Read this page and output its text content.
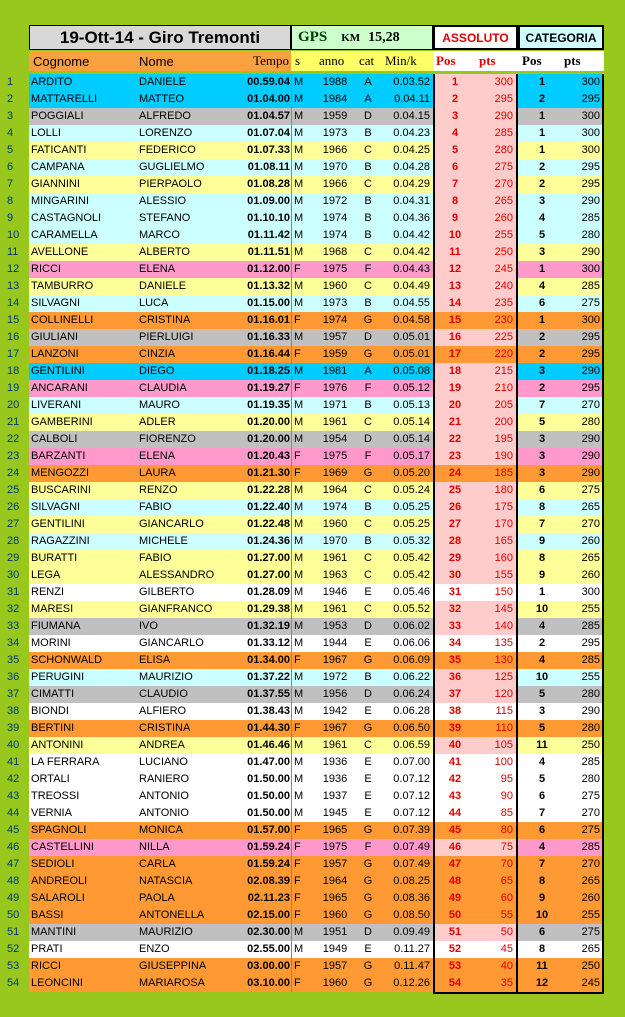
19-Ott-14 - Giro Tremonti	GPS KM 15,28	ASSOLUTO	CATEGORIA
Cognome	Nome	Tempo s anno cat Min/k Pos pts Pos pts
1	ARDITO	DANIELE	00.59.04 M	1988	A	0.03.52	1	300	1	300
2	MATTARELLI	MATTEO	01.04.00 M	1984	A	0.04.11	2	295	2	295
3	POGGIALI	ALFREDO	01.04.57 M	1959	D	0.04.15	3	290	1	300
4	LOLLI	LORENZO	01.07.04 M	1973	B	0.04.23	4	285	1	300
5	FATICANTI	FEDERICO	01.07.33 M	1966	C	0.04.25	5	280	1	300
6	CAMPANA	GUGLIELMO	01.08.11 M	1970	B	0.04.28	6	275	2	295
7	GIANNINI	PIERPAOLO	01.08.28 M	1966	C	0.04.29	7	270	2	295
8	MINGARINI	ALESSIO	01.09.00 M	1972	B	0.04.31	8	265	3	290
9	CASTAGNOLI	STEFANO	01.10.10 M	1974	B	0.04.36	9	260	4	285
10	CARAMELLA	MARCO	01.11.42 M	1974	B	0.04.42	10	255	5	280
11	AVELLONE	ALBERTO	01.11.51 M	1968	C	0.04.42	11	250	3	290
12	RICCI	ELENA	01.12.00 F	1975	F	0.04.43	12	245	1	300
13	TAMBURRO	DANIELE	01.13.32 M	1960	C	0.04.49	13	240	4	285
14	SILVAGNI	LUCA	01.15.00 M	1973	B	0.04.55	14	235	6	275
15	COLLINELLI	CRISTINA	01.16.01 F	1974	G	0.04.58	15	230	1	300
16	GIULIANI	PIERLUIGI	01.16.33 M	1957	D	0.05.01	16	225	2	295
17	LANZONI	CINZIA	01.16.44 F	1959	G	0.05.01	17	220	2	295
18	GENTILINI	DIEGO	01.18.25 M	1981	A	0.05.08	18	215	3	290
19	ANCARANI	CLAUDIA	01.19.27 F	1976	F	0.05.12	19	210	2	295
20	LIVERANI	MAURO	01.19.35 M	1971	B	0.05.13	20	205	7	270
21	GAMBERINI	ADLER	01.20.00 M	1961	C	0.05.14	21	200	5	280
22	CALBOLI	FIORENZO	01.20.00 M	1954	D	0.05.14	22	195	3	290
23	BARZANTI	ELENA	01.20.43 F	1975	F	0.05.17	23	190	3	290
24	MENGOZZI	LAURA	01.21.30 F	1969	G	0.05.20	24	185	3	290
25	BUSCARINI	RENZO	01.22.28 M	1964	C	0.05.24	25	180	6	275
26	SILVAGNI	FABIO	01.22.40 M	1974	B	0.05.25	26	175	8	265
27	GENTILINI	GIANCARLO	01.22.48 M	1960	C	0.05.25	27	170	7	270
28	RAGAZZINI	MICHELE	01.24.36 M	1970	B	0.05.32	28	165	9	260
29	BURATTI	FABIO	01.27.00 M	1961	C	0.05.42	29	160	8	265
30	LEGA	ALESSANDRO	01.27.00 M	1963	C	0.05.42	30	155	9	260
31	RENZI	GILBERTO	01.28.09 M	1946	E	0.05.46	31	150	1	300
32	MARESI	GIANFRANCO	01.29.38 M	1961	C	0.05.52	32	145	10	255
33	FIUMANA	IVO	01.32.19 M	1953	D	0.06.02	33	140	4	285
34	MORINI	GIANCARLO	01.33.12 M	1944	E	0.06.06	34	135	2	295
35	SCHONWALD	ELISA	01.34.00 F	1967	G	0.06.09	35	130	4	285
36	PERUGINI	MAURIZIO	01.37.22 M	1972	B	0.06.22	36	125	10	255
37	CIMATTI	CLAUDIO	01.37.55 M	1956	D	0.06.24	37	120	5	280
38	BIONDI	ALFIERO	01.38.43 M	1942	E	0.06.28	38	115	3	290
39	BERTINI	CRISTINA	01.44.30 F	1967	G	0.06.50	39	110	5	280
40	ANTONINI	ANDREA	01.46.46 M	1961	C	0.06.59	40	105	11	250
41	LA FERRARA	LUCIANO	01.47.00 M	1936	E	0.07.00	41	100	4	285
42	ORTALI	RANIERO	01.50.00 M	1936	E	0.07.12	42	95	5	280
43	TREOSSI	ANTONIO	01.50.00 M	1937	E	0.07.12	43	90	6	275
44	VERNIA	ANTONIO	01.50.00 M	1945	E	0.07.12	44	85	7	270
45	SPAGNOLI	MONICA	01.57.00 F	1965	G	0.07.39	45	80	6	275
46	CASTELLINI	NILLA	01.59.24 F	1975	F	0.07.49	46	75	4	285
47	SEDIOLI	CARLA	01.59.24 F	1957	G	0.07.49	47	70	7	270
48	ANDREOLI	NATASCIA	02.08.39 F	1964	G	0.08.25	48	65	8	265
49	SALAROLI	PAOLA	02.11.23 F	1965	G	0.08.36	49	60	9	260
50	BASSI	ANTONELLA	02.15.00 F	1960	G	0.08.50	50	55	10	255
51	MANTINI	MAURIZIO	02.30.00 M	1951	D	0.09.49	51	50	6	275
52	PRATI	ENZO	02.55.00 M	1949	E	0.11.27	52	45	8	265
53	RICCI	GIUSEPPINA	03.00.00 F	1957	G	0.11.47	53	40	11	250
54	LEONCINI	MARIAROSA	03.10.00 F	1960	G	0.12.26	54	35	12	245
